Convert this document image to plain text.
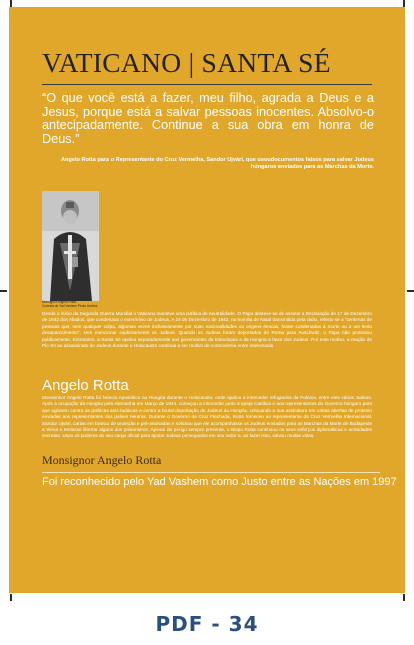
VATICANO | SANTA SÉ
“O que você está a fazer, meu filho, agrada a Deus e a Jesus, porque está a salvar pessoas inocentes. Absolvo-o antecipadamente. Continue a sua obra em honra de Deus.”
Angelo Rotta para o Representante do Cruz Vermelha, Sandor Ujvári, que usoudocumentos falsos para salvar Judeus húngaros enviados para as Marchas da Morte.
Monsignor Angelo Rotta
Cortesia de Yad Vashem Photo Archive
Desde o início da Segunda Guerra Mundial o Vaticano manteve uma política de neutralidade. O Papa absteve-se de assinar a Declaração de 17 de Dezembro de 1942 dos Aliados, que condenava o extermínio de Judeus. A 24 de Dezembro de 1942, na homilia de Natal transmitida pela rádio, referiu-se a “centenas de pessoas que, sem qualquer culpa, algumas vezes inclusivamente por suas nacionalidades ou origens étnicas, foram condenadas à morte ou a um lento desaparecimento”, sem mencionar explicitamente os Judeus. Quando os Judeus foram deportados de Roma para Auschwitz, o Papa não protestou publicamente. Entretanto, a Santa Sé apelou separadamente aos governantes da Eslováquia e da Hungria a favor dos Judeus. Por este motivo, a reação de Pio XII ao assassinato de Judeus durante o Holocausto continua a ser motivo de controvérsia entre intelectuais.
Angelo Rotta
Monsenhor Angelo Rotta foi Núncio Apostólico na Hungria durante o Holocausto, onde ajudou a interceder refugiados da Polónia, entre eles vários Judeus. Após a ocupação da Hungria pela Alemanha em Março de 1944, começou a interceder junto à Igreja Católica e aos representantes do Governo húngaro para que agissem contra as políticas anti-Judaicas e contra a brutal deportação de Judeus da Hungria, colocando a sua assinatura em cartas abertas de protesto enviadas aos representantes dos países neutros. Durante o Governo da Cruz Flechada, Rotta forneceu ao representante da Cruz Vermelha Internacional, Sandor Ujvári, cartas em branco de proteção e pré-assinadas e solicitou que ele acompanhasse os Judeus enviados para as Marchas da Morte de Budapeste a Viena e tentasse libertar alguns dos prisioneiros. Apesar do perigo sempre presente, o Bispo Rotta continuou os seus esforços diplomáticos e actividades secretas. Usou os poderes do seu cargo oficial para apoiar Judeus perseguidos em seu redor e, ao fazer isso, salvou muitas vidas.
Monsignor Angelo Rotta
Foi reconhecido pelo Yad Vashem como Justo entre as Nações em 1997
PDF - 34
